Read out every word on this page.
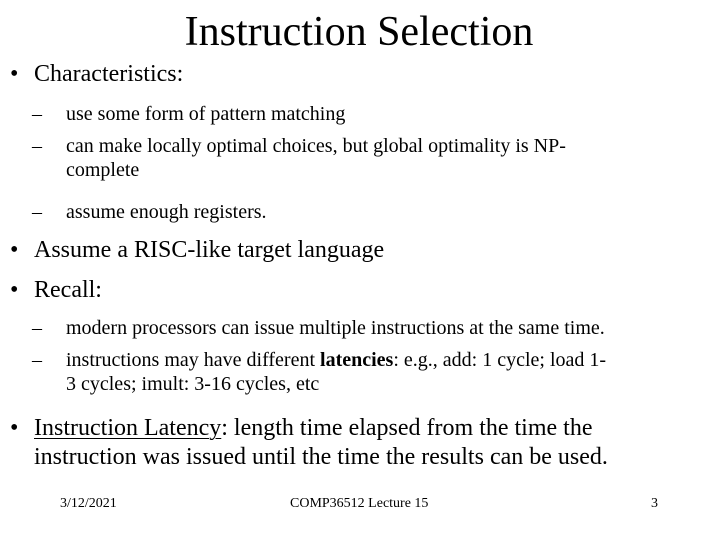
Instruction Selection
• Characteristics:
–	use some form of pattern matching
–	can make locally optimal choices, but global optimality is NP-
complete
–	assume enough registers.
• Assume a RISC-like target language
• Recall:
–	modern processors can issue multiple instructions at the same time.
–	instructions may have different latencies: e.g., add: 1 cycle; load 1-
3 cycles; imult: 3-16 cycles, etc
• Instruction Latency: length time elapsed from the time the
instruction was issued until the time the results can be used.
3/12/2021	COMP36512 Lecture 15	3
